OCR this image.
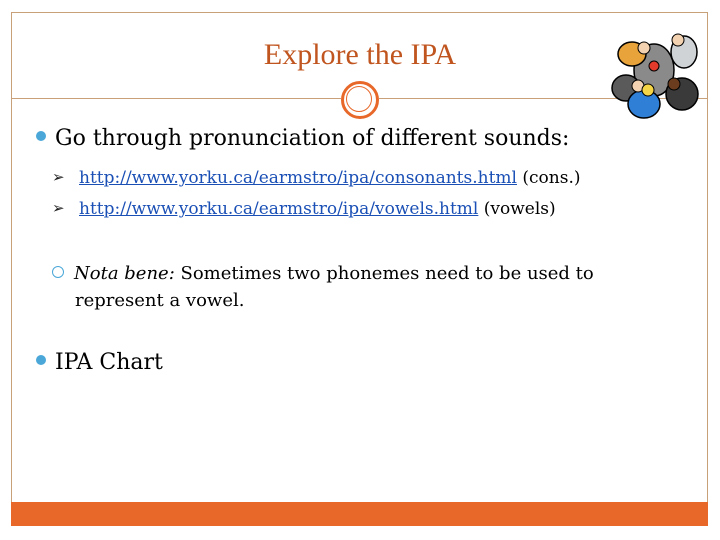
Explore the IPA
Go through pronunciation of different sounds:
➢ http://www.yorku.ca/earmstro/ipa/consonants.html (cons.)
➢ http://www.yorku.ca/earmstro/ipa/vowels.html (vowels)
Nota bene: Sometimes two phonemes need to be used to represent a vowel.
IPA Chart
